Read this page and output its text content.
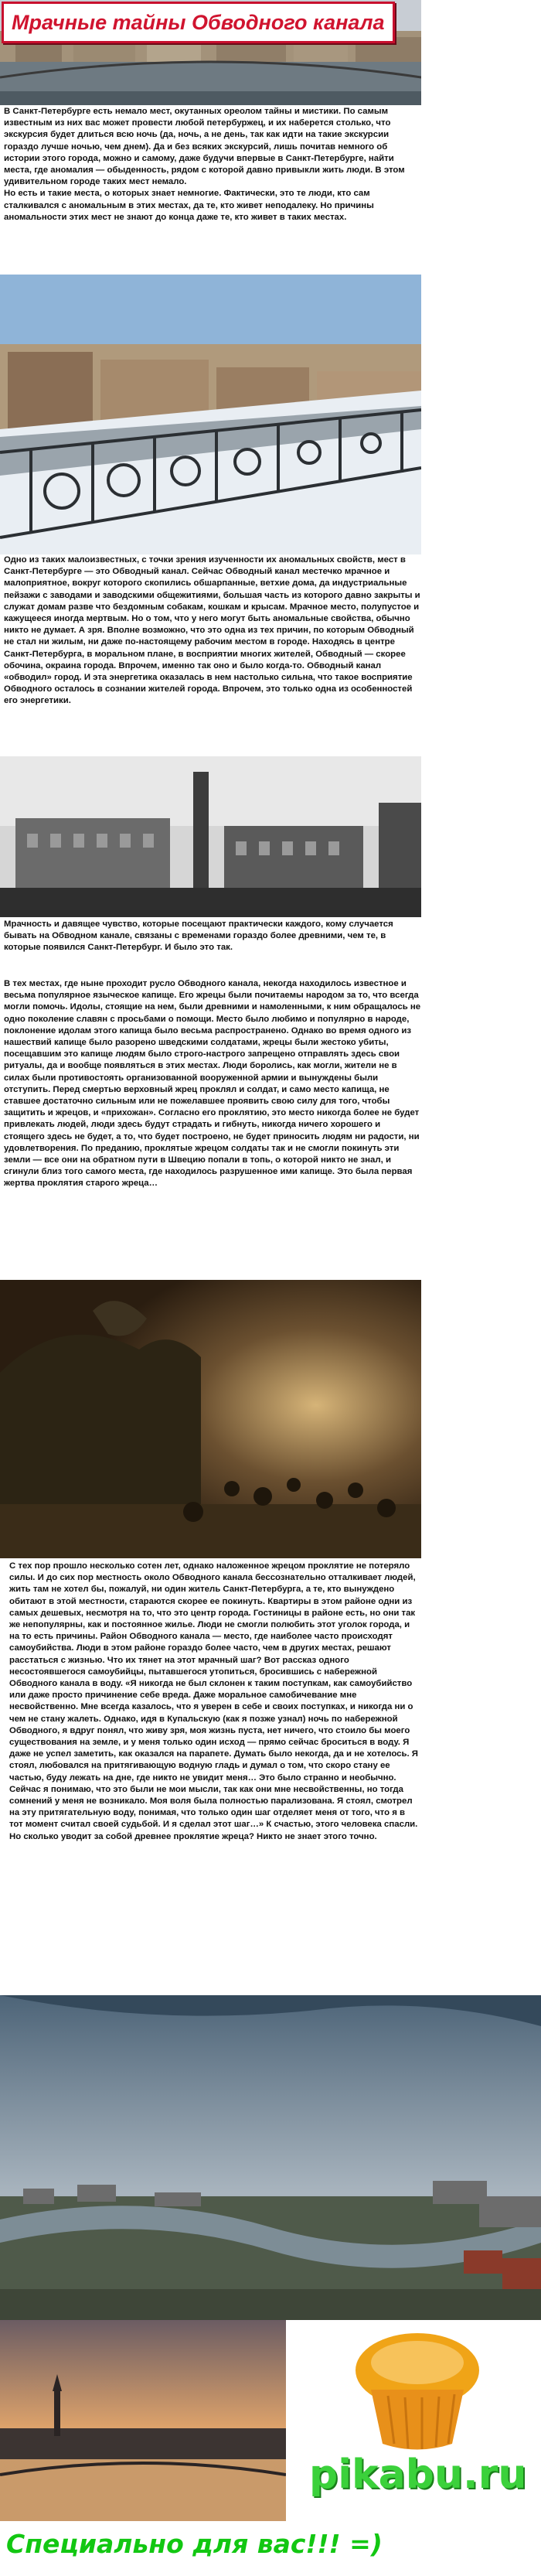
Мрачные тайны Обводного канала

В Санкт-Петербурге есть немало мест, окутанных ореолом тайны и мистики. По самым известным из них вас может провести любой петербуржец, и их наберется столько, что экскурсия будет длиться всю ночь (да, ночь, а не день, так как идти на такие экскурсии гораздо лучше ночью, чем днем). Да и без всяких экскурсий, лишь почитав немного об истории этого города, можно и самому, даже будучи впервые в Санкт-Петербурге, найти места, где аномалия — обыденность, рядом с которой давно привыкли жить люди. В этом удивительном городе таких мест немало.
Но есть и такие места, о которых знает немногие. Фактически, это те люди, кто сам сталкивался с аномальным в этих местах, да те, кто живет неподалеку. Но причины аномальности этих мест не знают до конца даже те, кто живет в таких местах.

Одно из таких малоизвестных, с точки зрения изученности их аномальных свойств, мест в Санкт-Петербурге — это Обводный канал. Сейчас Обводный канал местечко мрачное и малоприятное, вокруг которого скопились обшарпанные, ветхие дома, да индустриальные пейзажи с заводами и заводскими общежитиями, большая часть из которого давно закрыты и служат домам разве что бездомным собакам, кошкам и крысам. Мрачное место, полупустое и кажущееся иногда мертвым. Но о том, что у него могут быть аномальные свойства, обычно никто не думает. А зря. Вполне возможно, что это одна из тех причин, по которым Обводный не стал ни жилым, ни даже по-настоящему рабочим местом в городе. Находясь в центре Санкт-Петербурга, в моральном плане, в восприятии многих жителей, Обводный — скорее обочина, окраина города. Впрочем, именно так оно и было когда-то. Обводный канал «обводил» город. И эта энергетика оказалась в нем настолько сильна, что такое восприятие Обводного осталось в сознании жителей города. Впрочем, это только одна из особенностей его энергетики.

Мрачность и давящее чувство, которые посещают практически каждого, кому случается бывать на Обводном канале, связаны с временами гораздо более древними, чем те, в которые появился Санкт-Петербург. И было это так.

В тех местах, где ныне проходит русло Обводного канала, некогда находилось известное и весьма популярное языческое капище. Его жрецы были почитаемы народом за то, что всегда могли помочь. Идолы, стоящие на нем, были древними и намоленными, к ним обращалось не одно поколение славян с просьбами о помощи. Место было любимо и популярно в народе, поклонение идолам этого капища было весьма распространено. Однако во время одного из нашествий капище было разорено шведскими солдатами, жрецы были жестоко убиты, посещавшим это капище людям было строго-настрого запрещено отправлять здесь свои ритуалы, да и вообще появляться в этих местах. Люди боролись, как могли, жители не в силах были противостоять организованной вооруженной армии и вынуждены были отступить. Перед смертью верховный жрец проклял и солдат, и само место капища, не ставшее достаточно сильным или не пожелавшее проявить свою силу для того, чтобы защитить и жрецов, и «прихожан». Согласно его проклятию, это место никогда более не будет привлекать людей, люди здесь будут страдать и гибнуть, никогда ничего хорошего и стоящего здесь не будет, а то, что будет построено, не будет приносить людям ни радости, ни удовлетворения. По преданию, проклятые жрецом солдаты так и не смогли покинуть эти земли — все они на обратном пути в Швецию попали в топь, о которой никто не знал, и сгинули близ того самого места, где находилось разрушенное ими капище. Это была первая жертва проклятия старого жреца…

С тех пор прошло несколько сотен лет, однако наложенное жрецом проклятие не потеряло силы. И до сих пор местность около Обводного канала бессознательно отталкивает людей, жить там не хотел бы, пожалуй, ни один житель Санкт-Петербурга, а те, кто вынуждено обитают в этой местности, стараются скорее ее покинуть. Квартиры в этом районе одни из самых дешевых, несмотря на то, что это центр города. Гостиницы в районе есть, но они так же непопулярны, как и постоянное жилье. Люди не смогли полюбить этот уголок города, и на то есть причины. Район Обводного канала — место, где наиболее часто происходят самоубийства. Люди в этом районе гораздо более часто, чем в других местах, решают расстаться с жизнью. Что их тянет на этот мрачный шаг? Вот рассказ одного несостоявшегося самоубийцы, пытавшегося утопиться, бросившись с набережной Обводного канала в воду. «Я никогда не был склонен к таким поступкам, как самоубийство или даже просто причинение себе вреда. Даже моральное самобичевание мне несвойственно. Мне всегда казалось, что я уверен в себе и своих поступках, и никогда ни о чем не стану жалеть. Однако, идя в Купальскую (как я позже узнал) ночь по набережной Обводного, я вдруг понял, что живу зря, моя жизнь пуста, нет ничего, что стоило бы моего существования на земле, и у меня только один исход — прямо сейчас броситься в воду. Я даже не успел заметить, как оказался на парапете. Думать было некогда, да и не хотелось. Я стоял, любовался на притягивающую водную гладь и думал о том, что скоро стану ее частью, буду лежать на дне, где никто не увидит меня… Это было странно и необычно. Сейчас я понимаю, что это были не мои мысли, так как они мне несвойственны, но тогда сомнений у меня не возникало. Моя воля была полностью парализована. Я стоял, смотрел на эту притягательную воду, понимая, что только один шаг отделяет меня от того, что я в тот момент считал своей судьбой. И я сделал этот шаг…» К счастью, этого человека спасли. Но сколько уводит за собой древнее проклятие жреца? Никто не знает этого точно.

pikabu.ru
Специально для вас!!! =)
